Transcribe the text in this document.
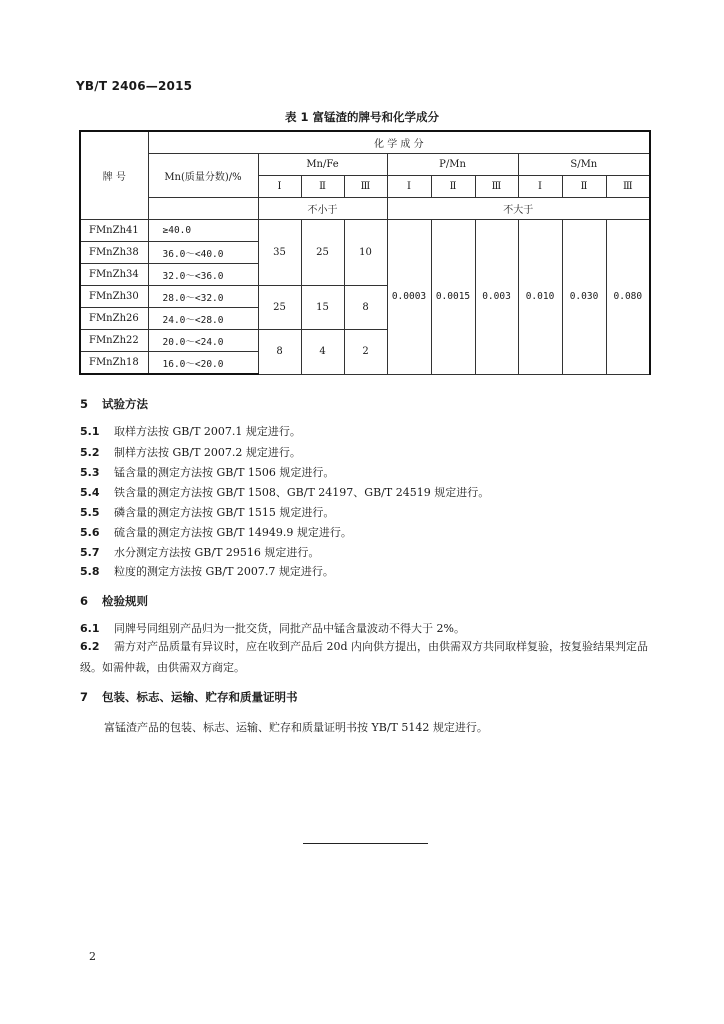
YB/T 2406—2015
表 1 富锰渣的牌号和化学成分
牌 号	化 学 成 分									
	Mn(质量分数)/%	Mn/Fe			P/Mn			S/Mn		
		Ⅰ	Ⅱ	Ⅲ	Ⅰ	Ⅱ	Ⅲ	Ⅰ	Ⅱ	Ⅲ
		不小于			不大于					
FMnZh41	≥40.0	35	25	10	0.0003	0.0015	0.003	0.010	0.030	0.080
FMnZh38	36.0～<40.0									
FMnZh34	32.0～<36.0									
FMnZh30	28.0～<32.0	25	15	8						
FMnZh26	24.0～<28.0									
FMnZh22	20.0～<24.0	8	4	2						
FMnZh18	16.0～<20.0									
5 试验方法
5.1 取样方法按 GB/T 2007.1 规定进行。
5.2 制样方法按 GB/T 2007.2 规定进行。
5.3 锰含量的测定方法按 GB/T 1506 规定进行。
5.4 铁含量的测定方法按 GB/T 1508、GB/T 24197、GB/T 24519 规定进行。
5.5 磷含量的测定方法按 GB/T 1515 规定进行。
5.6 硫含量的测定方法按 GB/T 14949.9 规定进行。
5.7 水分测定方法按 GB/T 29516 规定进行。
5.8 粒度的测定方法按 GB/T 2007.7 规定进行。
6 检验规则
6.1 同牌号同组别产品归为一批交货，同批产品中锰含量波动不得大于 2%。
6.2 需方对产品质量有异议时，应在收到产品后 20d 内向供方提出，由供需双方共同取样复验，按复验结果判定品级。如需仲裁，由供需双方商定。
7 包装、标志、运输、贮存和质量证明书
富锰渣产品的包装、标志、运输、贮存和质量证明书按 YB/T 5142 规定进行。
2
